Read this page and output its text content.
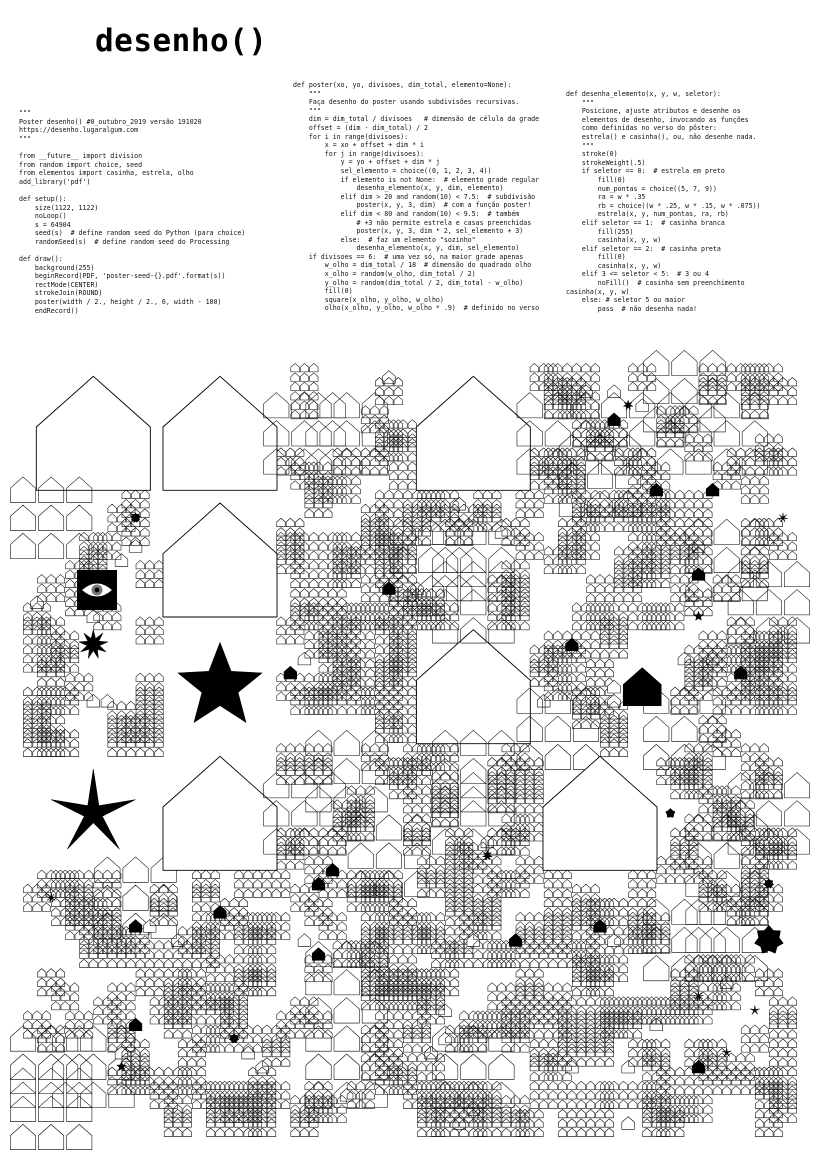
desenho()
"""
Poster desenho() #0_outubro_2019 versão 191020
https://desenho.lugaralgum.com
"""
from __future__ import division
from random import choice, seed
from elementos import casinha, estrela, olho
add_library('pdf')
def setup():
size(1122, 1122)
noLoop()
s = 64904
seed(s)  # define random seed do Python (para choice)
randomSeed(s)  # define random seed do Processing
def draw():
background(255)
beginRecord(PDF, 'poster-seed-{}.pdf'.format(s))
rectMode(CENTER)
strokeJoin(ROUND)
poster(width / 2., height / 2., 6, width - 100)
endRecord()
def poster(xo, yo, divisoes, dim_total, elemento=None):
"""
Faça desenho do poster usando subdivisões recursivas.
"""
dim = dim_total / divisoes   # dimensão de célula da grade
offset = (dim - dim_total) / 2
for i in range(divisoes):
x = xo + offset + dim * i
for j in range(divisoes):
y = yo + offset + dim * j
sel_elemento = choice((0, 1, 2, 3, 4))
if elemento is not None:  # elemento grade regular
desenha_elemento(x, y, dim, elemento)
elif dim > 20 and random(10) < 7.5:  # subdivisão
poster(x, y, 3, dim)  # com a função poster!
elif dim < 80 and random(10) < 9.5:  # também
# +3 não permite estrela e casas preenchidas
poster(x, y, 3, dim * 2, sel_elemento + 3)
else:  # faz um elemento "sozinho"
desenha_elemento(x, y, dim, sel_elemento)
if divisoes == 6:  # uma vez só, na maior grade apenas
w_olho = dim_total / 18  # dimensão do quadrado olho
x_olho = random(w_olho, dim_total / 2)
y_olho = random(dim_total / 2, dim_total - w_olho)
fill(0)
square(x_olho, y_olho, w_olho)
olho(x_olho, y_olho, w_olho * .9)  # definido no verso
def desenha_elemento(x, y, w, seletor):
"""
Posicione, ajuste atributos e desenhe os
elementos de desenho, invocando as funções
como definidas no verso do pôster:
estrela() e casinha(), ou, não desenhe nada.
"""
stroke(0)
strokeWeight(.5)
if seletor == 0:  # estrela em preto
fill(0)
num_pontas = choice((5, 7, 9))
ra = w * .35
rb = choice((w * .25, w * .15, w * .075))
estrela(x, y, num_pontas, ra, rb)
elif seletor == 1:  # casinha branca
fill(255)
casinha(x, y, w)
elif seletor == 2:  # casinha preta
fill(0)
casinha(x, y, w)
elif 3 <= seletor < 5:  # 3 ou 4
noFill()  # casinha sem preenchimento
casinha(x, y, w)
else: # seletor 5 ou maior
pass  # não desenha nada!
